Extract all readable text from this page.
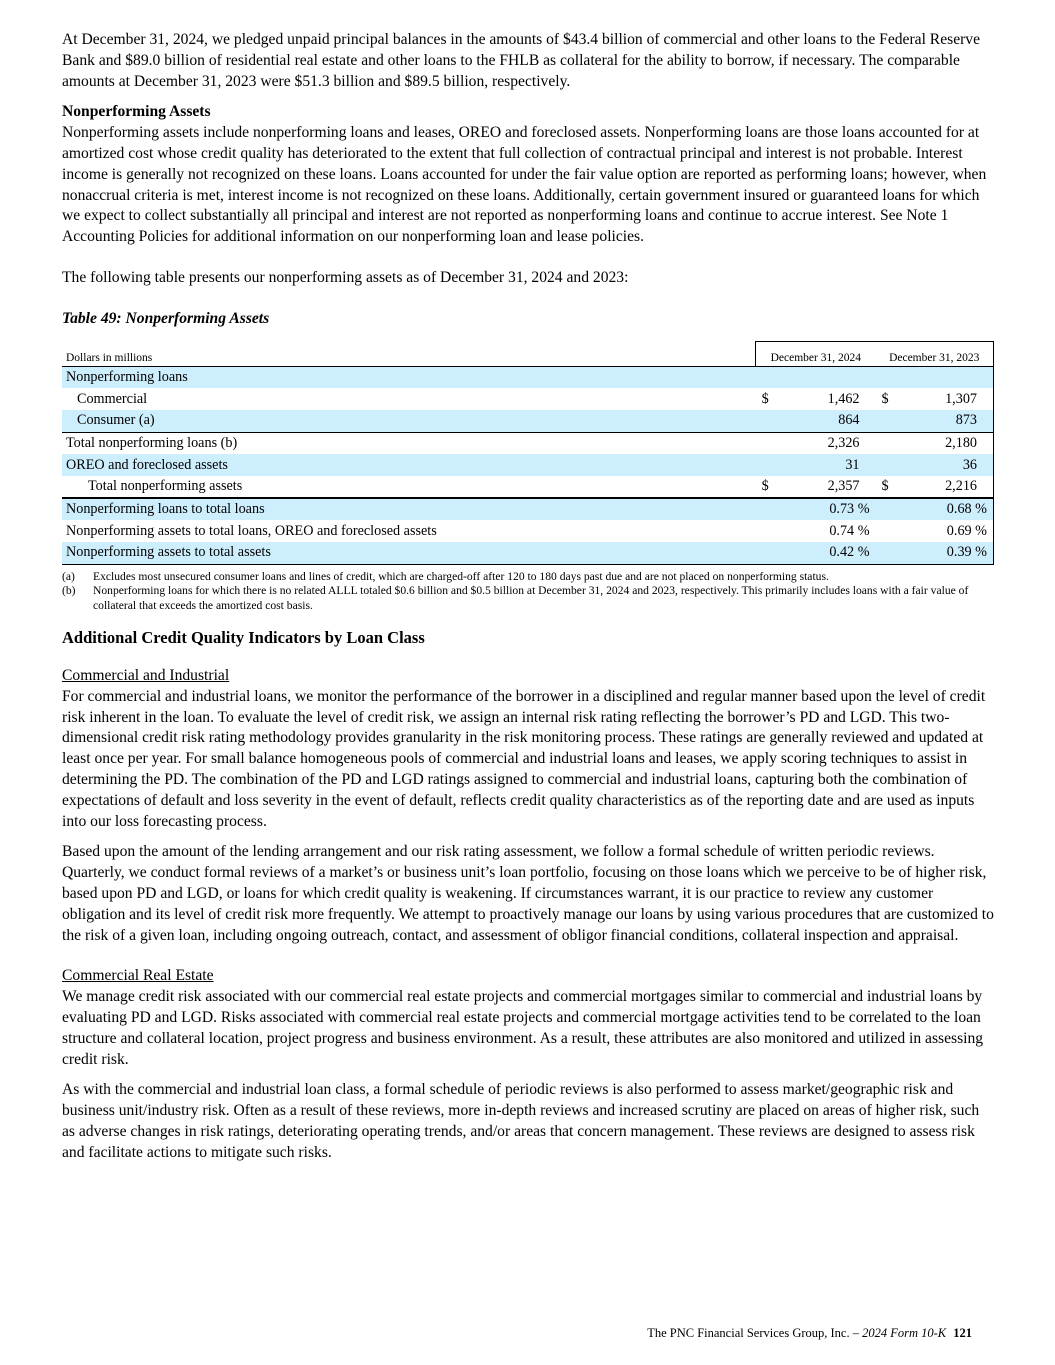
At December 31, 2024, we pledged unpaid principal balances in the amounts of $43.4 billion of commercial and other loans to the Federal Reserve Bank and $89.0 billion of residential real estate and other loans to the FHLB as collateral for the ability to borrow, if necessary. The comparable amounts at December 31, 2023 were $51.3 billion and $89.5 billion, respectively.

Nonperforming Assets

Nonperforming assets include nonperforming loans and leases, OREO and foreclosed assets. Nonperforming loans are those loans accounted for at amortized cost whose credit quality has deteriorated to the extent that full collection of contractual principal and interest is not probable. Interest income is generally not recognized on these loans. Loans accounted for under the fair value option are reported as performing loans; however, when nonaccrual criteria is met, interest income is not recognized on these loans. Additionally, certain government insured or guaranteed loans for which we expect to collect substantially all principal and interest are not reported as nonperforming loans and continue to accrue interest. See Note 1 Accounting Policies for additional information on our nonperforming loan and lease policies.

The following table presents our nonperforming assets as of December 31, 2024 and 2023:

Table 49: Nonperforming Assets
Dollars in millions	December 31, 2024		December 31, 2023	
Nonperforming loans				
Commercial	$	1,462	$	1,307
Consumer (a)		864		873
Total nonperforming loans (b)		2,326		2,180
OREO and foreclosed assets		31		36
Total nonperforming assets	$	2,357	$	2,216
Nonperforming loans to total loans		0.73 %		0.68 %
Nonperforming assets to total loans, OREO and foreclosed assets		0.74 %		0.69 %
Nonperforming assets to total assets		0.42 %		0.39 %
(a)	Excludes most unsecured consumer loans and lines of credit, which are charged-off after 120 to 180 days past due and are not placed on nonperforming status.
(b)	Nonperforming loans for which there is no related ALLL totaled $0.6 billion and $0.5 billion at December 31, 2024 and 2023, respectively. This primarily includes loans with a fair value of collateral that exceeds the amortized cost basis.
Additional Credit Quality Indicators by Loan Class
Commercial and Industrial

For commercial and industrial loans, we monitor the performance of the borrower in a disciplined and regular manner based upon the level of credit risk inherent in the loan. To evaluate the level of credit risk, we assign an internal risk rating reflecting the borrower’s PD and LGD. This two-dimensional credit risk rating methodology provides granularity in the risk monitoring process. These ratings are generally reviewed and updated at least once per year. For small balance homogeneous pools of commercial and industrial loans and leases, we apply scoring techniques to assist in determining the PD. The combination of the PD and LGD ratings assigned to commercial and industrial loans, capturing both the combination of expectations of default and loss severity in the event of default, reflects credit quality characteristics as of the reporting date and are used as inputs into our loss forecasting process.

Based upon the amount of the lending arrangement and our risk rating assessment, we follow a formal schedule of written periodic reviews. Quarterly, we conduct formal reviews of a market’s or business unit’s loan portfolio, focusing on those loans which we perceive to be of higher risk, based upon PD and LGD, or loans for which credit quality is weakening. If circumstances warrant, it is our practice to review any customer obligation and its level of credit risk more frequently. We attempt to proactively manage our loans by using various procedures that are customized to the risk of a given loan, including ongoing outreach, contact, and assessment of obligor financial conditions, collateral inspection and appraisal.

Commercial Real Estate

We manage credit risk associated with our commercial real estate projects and commercial mortgages similar to commercial and industrial loans by evaluating PD and LGD. Risks associated with commercial real estate projects and commercial mortgage activities tend to be correlated to the loan structure and collateral location, project progress and business environment. As a result, these attributes are also monitored and utilized in assessing credit risk.

As with the commercial and industrial loan class, a formal schedule of periodic reviews is also performed to assess market/geographic risk and business unit/industry risk. Often as a result of these reviews, more in-depth reviews and increased scrutiny are placed on areas of higher risk, such as adverse changes in risk ratings, deteriorating operating trends, and/or areas that concern management. These reviews are designed to assess risk and facilitate actions to mitigate such risks.

The PNC Financial Services Group, Inc. – 2024 Form 10-K 121
